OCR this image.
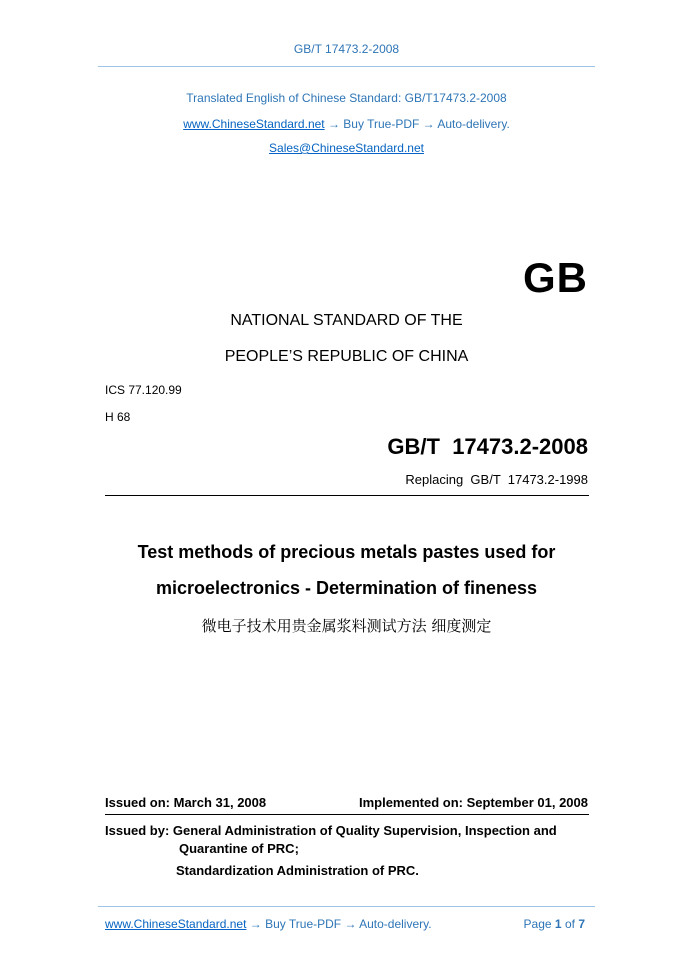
GB/T 17473.2-2008
Translated English of Chinese Standard: GB/T17473.2-2008
www.ChineseStandard.net → Buy True-PDF → Auto-delivery.
Sales@ChineseStandard.net
GB
NATIONAL STANDARD OF THE
PEOPLE’S REPUBLIC OF CHINA
ICS 77.120.99
H 68
GB/T  17473.2-2008
Replacing  GB/T  17473.2-1998
Test methods of precious metals pastes used for
microelectronics - Determination of fineness
微电子技术用贵金属浆料测试方法 细度测定
Issued on: March 31, 2008	Implemented on: September 01, 2008
Issued by: General Administration of Quality Supervision, Inspection and
Quarantine of PRC;
Standardization Administration of PRC.
www.ChineseStandard.net → Buy True-PDF → Auto-delivery.	Page 1 of 7
